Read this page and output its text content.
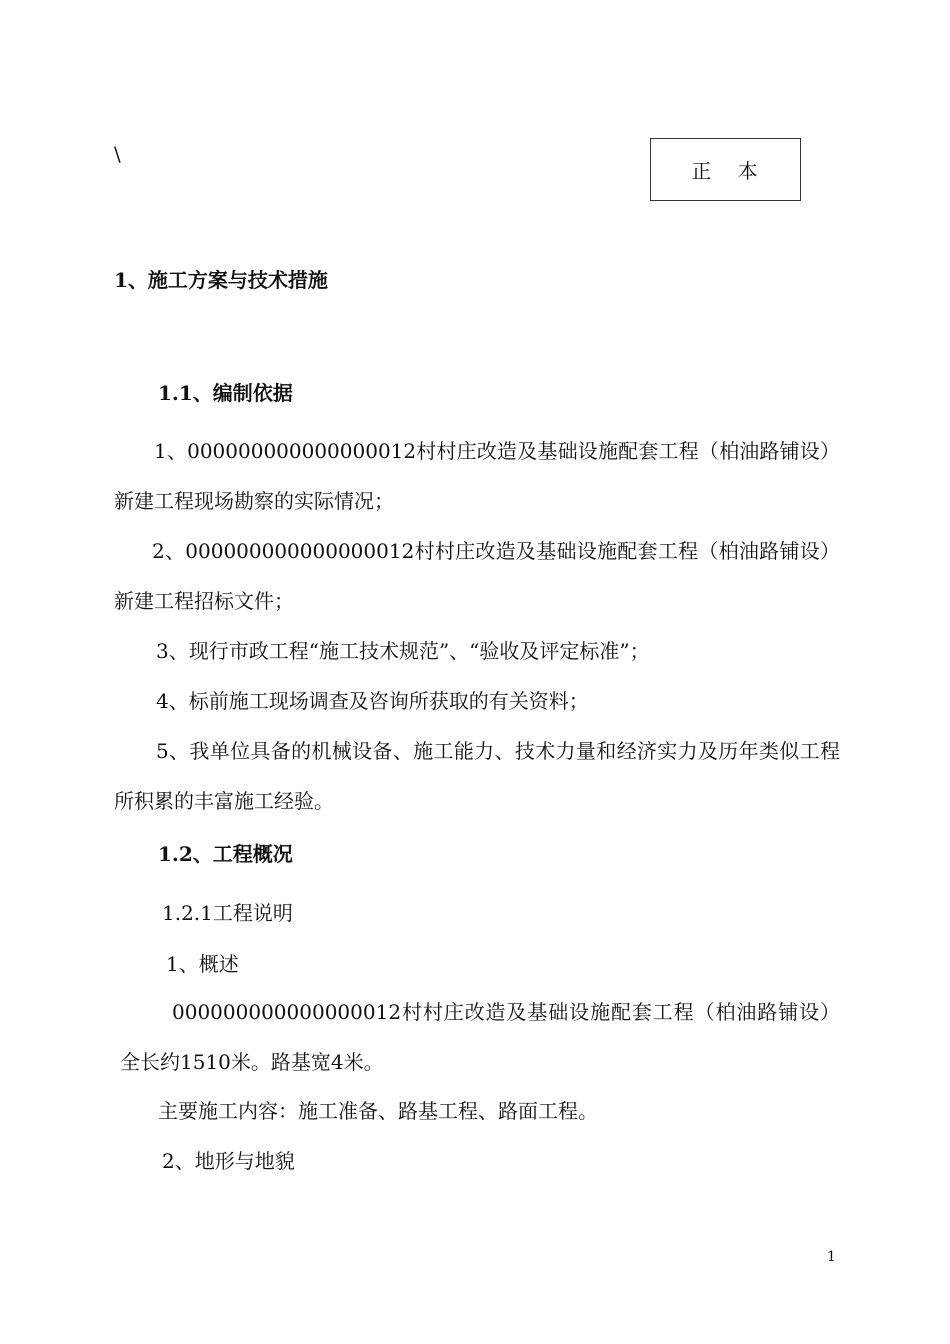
\
正 本
1、施工方案与技术措施
1.1、编制依据
1、000000000000000012村村庄改造及基础设施配套工程（柏油路铺设）新建工程现场勘察的实际情况；
2、000000000000000012村村庄改造及基础设施配套工程（柏油路铺设）新建工程招标文件；
3、现行市政工程“施工技术规范”、“验收及评定标准”；
4、标前施工现场调查及咨询所获取的有关资料；
5、我单位具备的机械设备、施工能力、技术力量和经济实力及历年类似工程所积累的丰富施工经验。
1.2、工程概况
1.2.1工程说明
1、概述
000000000000000012村村庄改造及基础设施配套工程（柏油路铺设）全长约1510米。路基宽4米。
主要施工内容：施工准备、路基工程、路面工程。
2、地形与地貌
1
